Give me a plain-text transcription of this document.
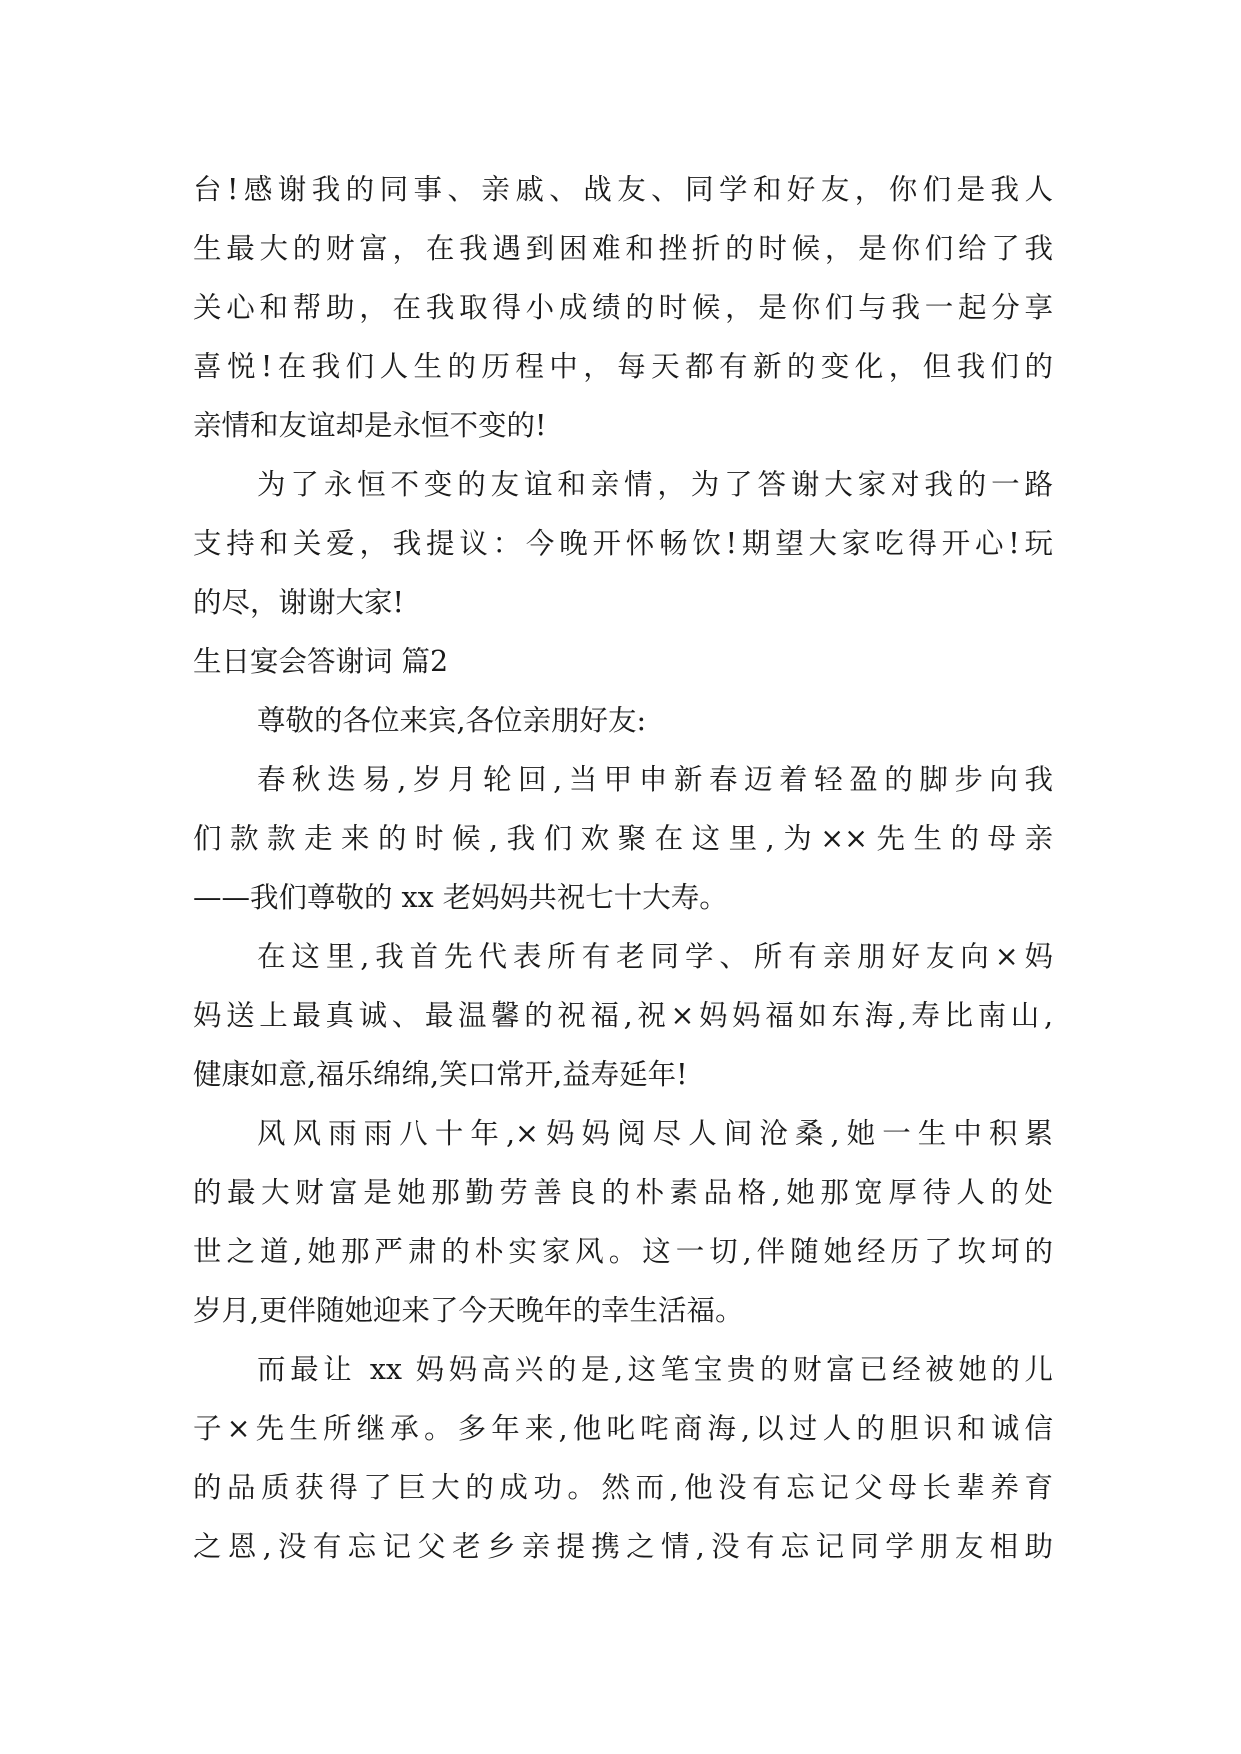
台!感谢我的同事、亲戚、战友、同学和好友，你们是我人
生最大的财富，在我遇到困难和挫折的时候，是你们给了我
关心和帮助，在我取得小成绩的时候，是你们与我一起分享
喜悦!在我们人生的历程中，每天都有新的变化，但我们的
亲情和友谊却是永恒不变的!
为了永恒不变的友谊和亲情，为了答谢大家对我的一路
支持和关爱，我提议：今晚开怀畅饮!期望大家吃得开心!玩
的尽，谢谢大家!
生日宴会答谢词 篇2
尊敬的各位来宾,各位亲朋好友:
春秋迭易,岁月轮回,当甲申新春迈着轻盈的脚步向我
们款款走来的时候,我们欢聚在这里,为××先生的母亲
——我们尊敬的 xx 老妈妈共祝七十大寿。
在这里,我首先代表所有老同学、所有亲朋好友向×妈
妈送上最真诚、最温馨的祝福,祝×妈妈福如东海,寿比南山,
健康如意,福乐绵绵,笑口常开,益寿延年!
风风雨雨八十年,×妈妈阅尽人间沧桑,她一生中积累
的最大财富是她那勤劳善良的朴素品格,她那宽厚待人的处
世之道,她那严肃的朴实家风。这一切,伴随她经历了坎坷的
岁月,更伴随她迎来了今天晚年的幸生活福。
而最让 xx 妈妈高兴的是,这笔宝贵的财富已经被她的儿
子×先生所继承。多年来,他叱咤商海,以过人的胆识和诚信
的品质获得了巨大的成功。然而,他没有忘记父母长辈养育
之恩,没有忘记父老乡亲提携之情,没有忘记同学朋友相助
